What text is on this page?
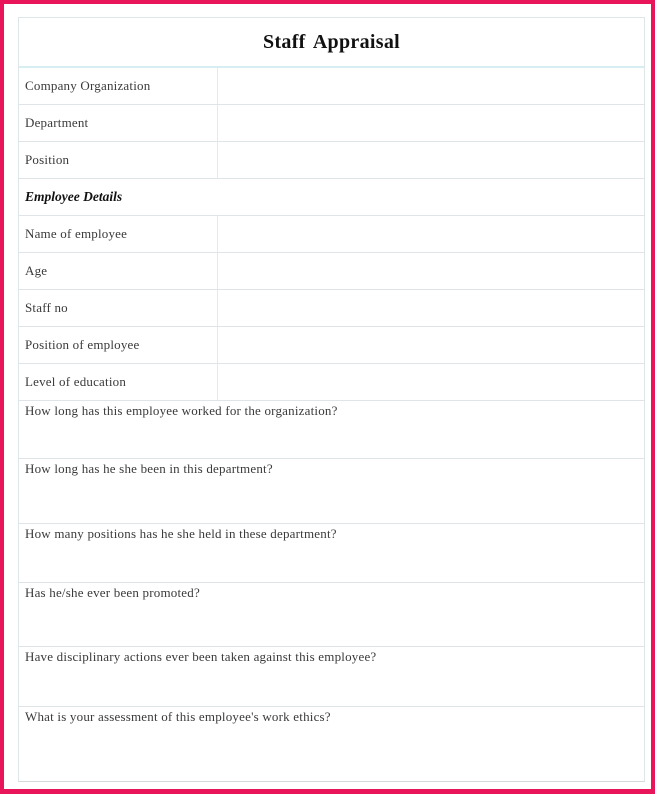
Staff Appraisal
Company Organization
Department
Position
Employee Details
Name of employee
Age
Staff no
Position of employee
Level of education
How long has this employee worked for the organization?
How long has he she been in this department?
How many positions has he she held in these department?
Has he/she ever been promoted?
Have disciplinary actions ever been taken against this employee?
What is your assessment of this employee's work ethics?
